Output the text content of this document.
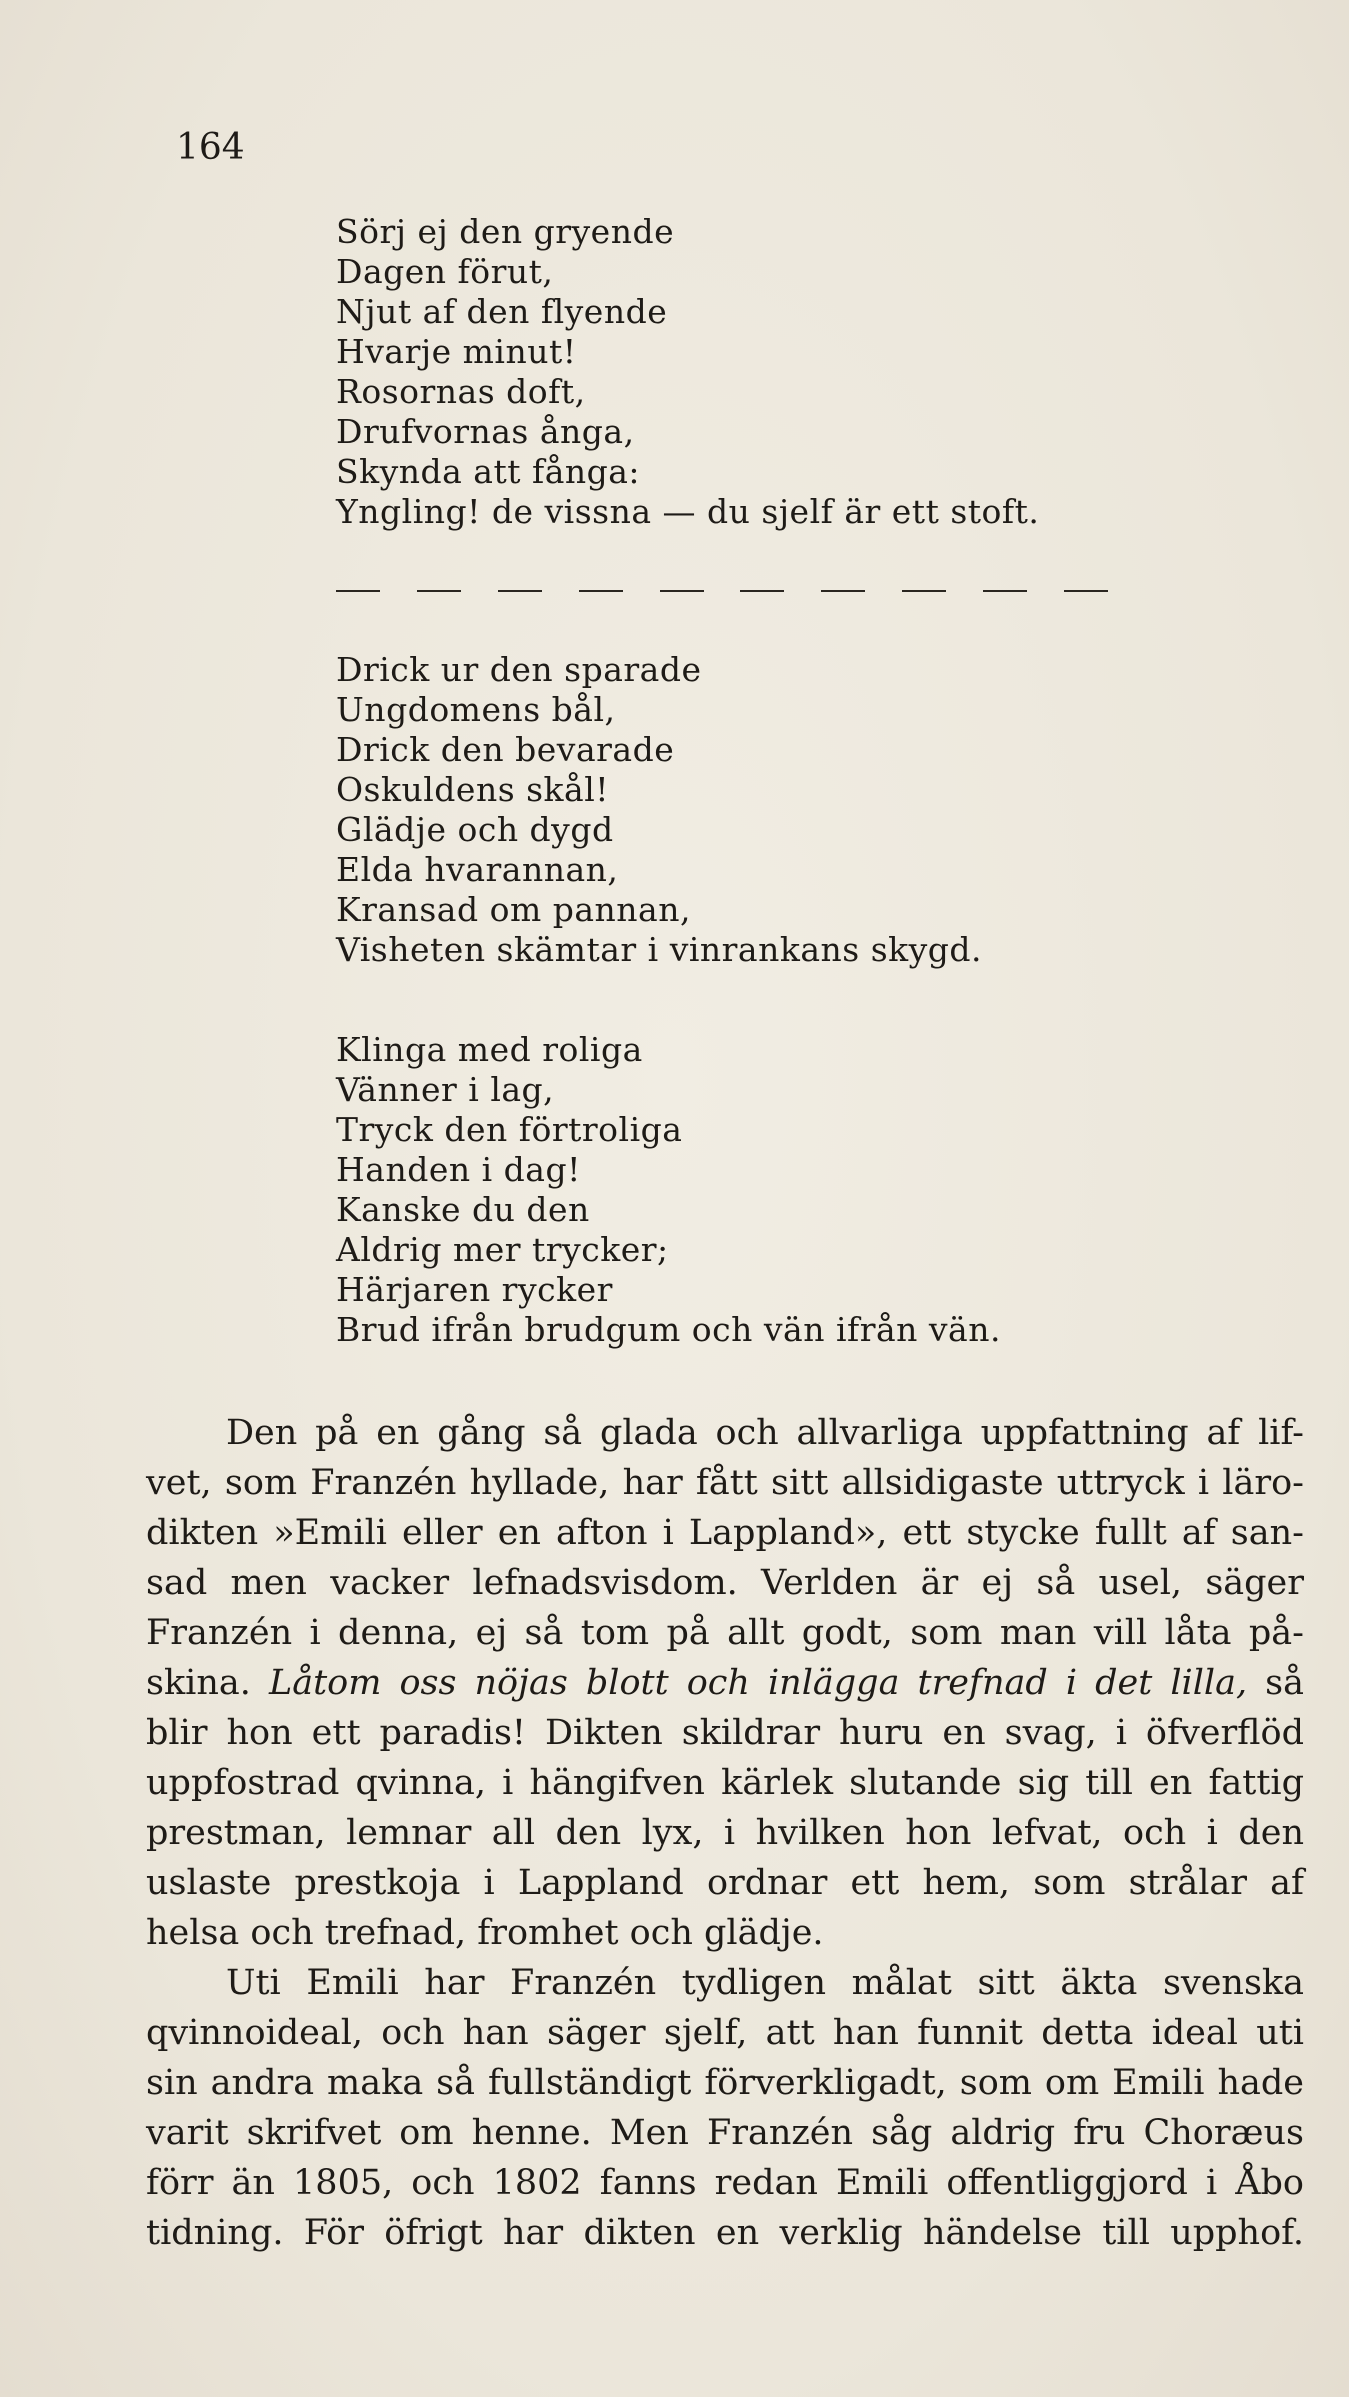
164
Sörj ej den gryende
Dagen förut,
Njut af den flyende
Hvarje minut!
Rosornas doft,
Drufvornas ånga,
Skynda att fånga:
Yngling! de vissna — du sjelf är ett stoft.
Drick ur den sparade
Ungdomens bål,
Drick den bevarade
Oskuldens skål!
Glädje och dygd
Elda hvarannan,
Kransad om pannan,
Visheten skämtar i vinrankans skygd.
Klinga med roliga
Vänner i lag,
Tryck den förtroliga
Handen i dag!
Kanske du den
Aldrig mer trycker;
Härjaren rycker
Brud ifrån brudgum och vän ifrån vän.
Den på en gång så glada och allvarliga uppfattning af lif-
vet, som Franzén hyllade, har fått sitt allsidigaste uttryck i läro-
dikten »Emili eller en afton i Lappland», ett stycke fullt af san-
sad men vacker lefnadsvisdom. Verlden är ej så usel, säger
Franzén i denna, ej så tom på allt godt, som man vill låta på-
skina. Låtom oss nöjas blott och inlägga trefnad i det lilla, så
blir hon ett paradis! Dikten skildrar huru en svag, i öfverflöd
uppfostrad qvinna, i hängifven kärlek slutande sig till en fattig
prestman, lemnar all den lyx, i hvilken hon lefvat, och i den
uslaste prestkoja i Lappland ordnar ett hem, som strålar af
helsa och trefnad, fromhet och glädje.
Uti Emili har Franzén tydligen målat sitt äkta svenska
qvinnoideal, och han säger sjelf, att han funnit detta ideal uti
sin andra maka så fullständigt förverkligadt, som om Emili hade
varit skrifvet om henne. Men Franzén såg aldrig fru Choræus
förr än 1805, och 1802 fanns redan Emili offentliggjord i Åbo
tidning. För öfrigt har dikten en verklig händelse till upphof.
